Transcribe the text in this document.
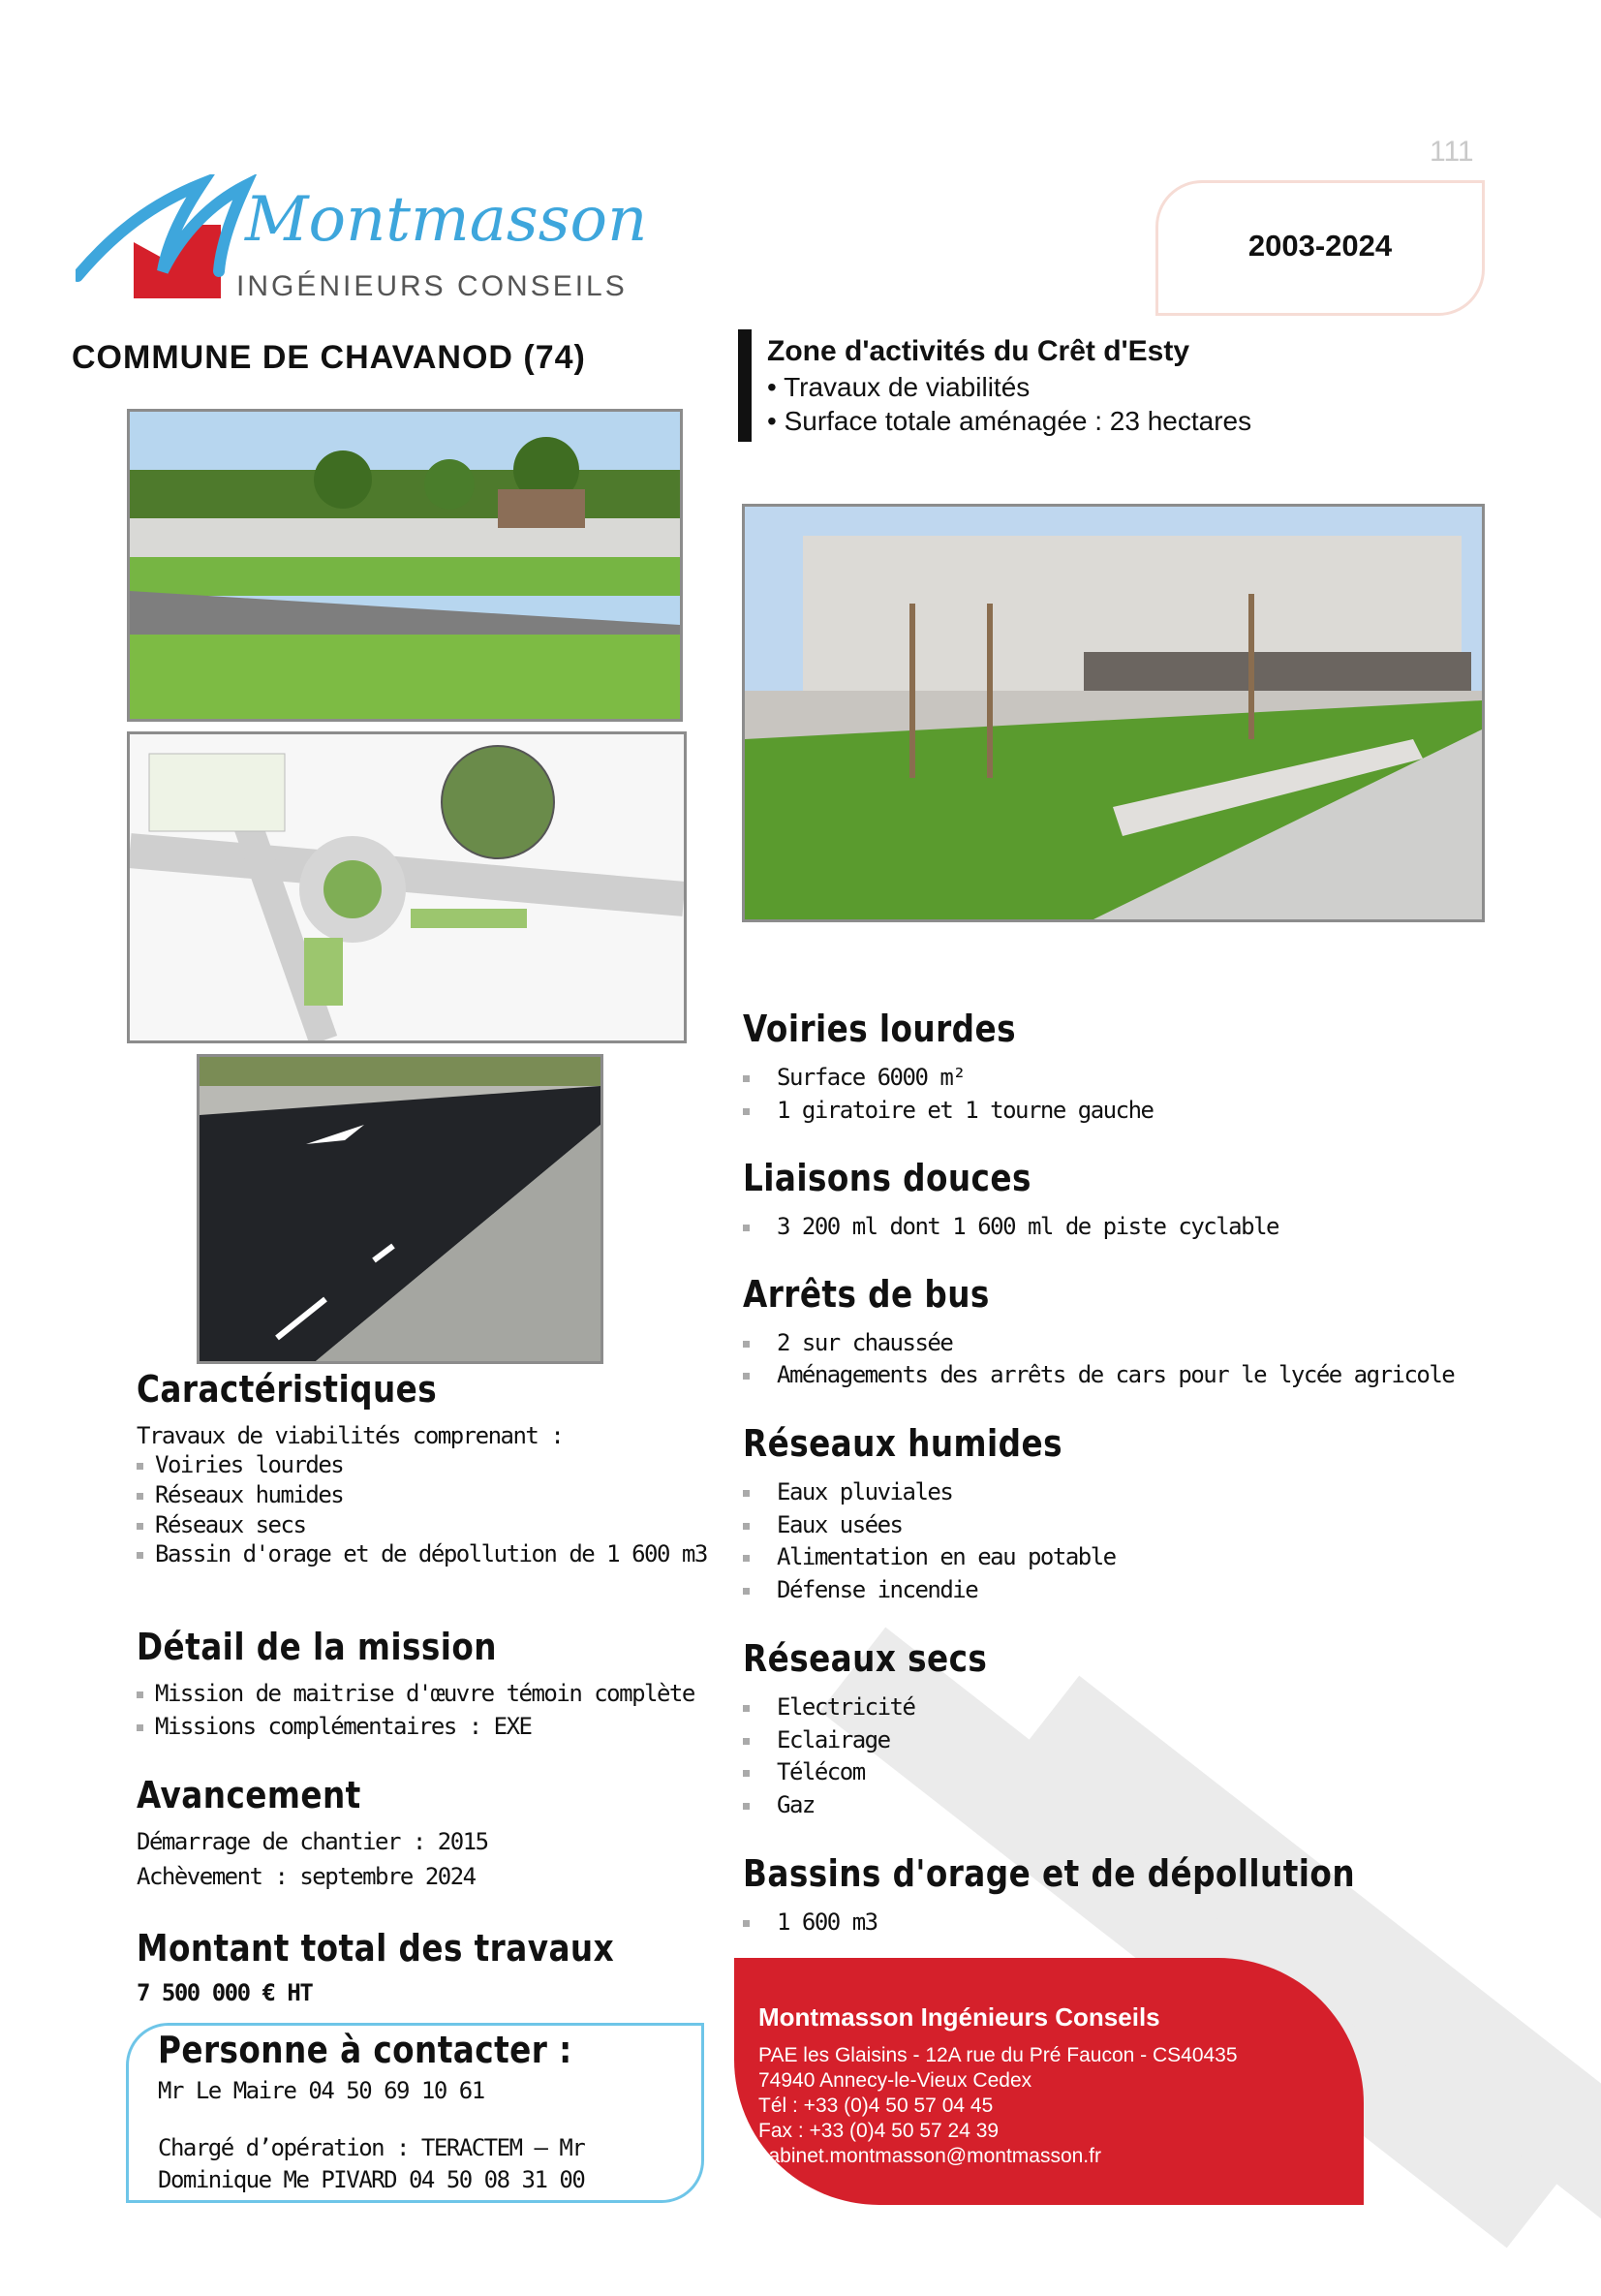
111
2003-2024
Montmasson
INGÉNIEURS CONSEILS
COMMUNE DE CHAVANOD (74)	Zone d'activités du Crêt d'Esty
• Travaux de viabilités
• Surface totale aménagée : 23 hectares
Caractéristiques
Travaux de viabilités comprenant :
Voiries lourdes
Réseaux humides
Réseaux secs
Bassin d'orage et de dépollution de 1 600 m3
Détail de la mission
Mission de maitrise d'œuvre témoin complète
Missions complémentaires : EXE
Avancement
Démarrage de chantier : 2015
Achèvement : septembre 2024
Montant total des travaux
7 500 000 € HT
Personne à contacter :
Mr Le Maire 04 50 69 10 61
Chargé d’opération : TERACTEM – Mr
Dominique Me PIVARD 04 50 08 31 00
Voiries lourdes
Surface 6000 m²
1 giratoire et 1 tourne gauche
Liaisons douces
3 200 ml dont 1 600 ml de piste cyclable
Arrêts de bus
2 sur chaussée
Aménagements des arrêts de cars pour le lycée agricole
Réseaux humides
Eaux pluviales
Eaux usées
Alimentation en eau potable
Défense incendie
Réseaux secs
Electricité
Eclairage
Télécom
Gaz
Bassins d'orage et de dépollution
1 600 m3
Montmasson Ingénieurs Conseils
PAE les Glaisins - 12A rue du Pré Faucon - CS40435
74940 Annecy-le-Vieux Cedex
Tél : +33 (0)4 50 57 04 45
Fax : +33 (0)4 50 57 24 39
cabinet.montmasson@montmasson.fr
